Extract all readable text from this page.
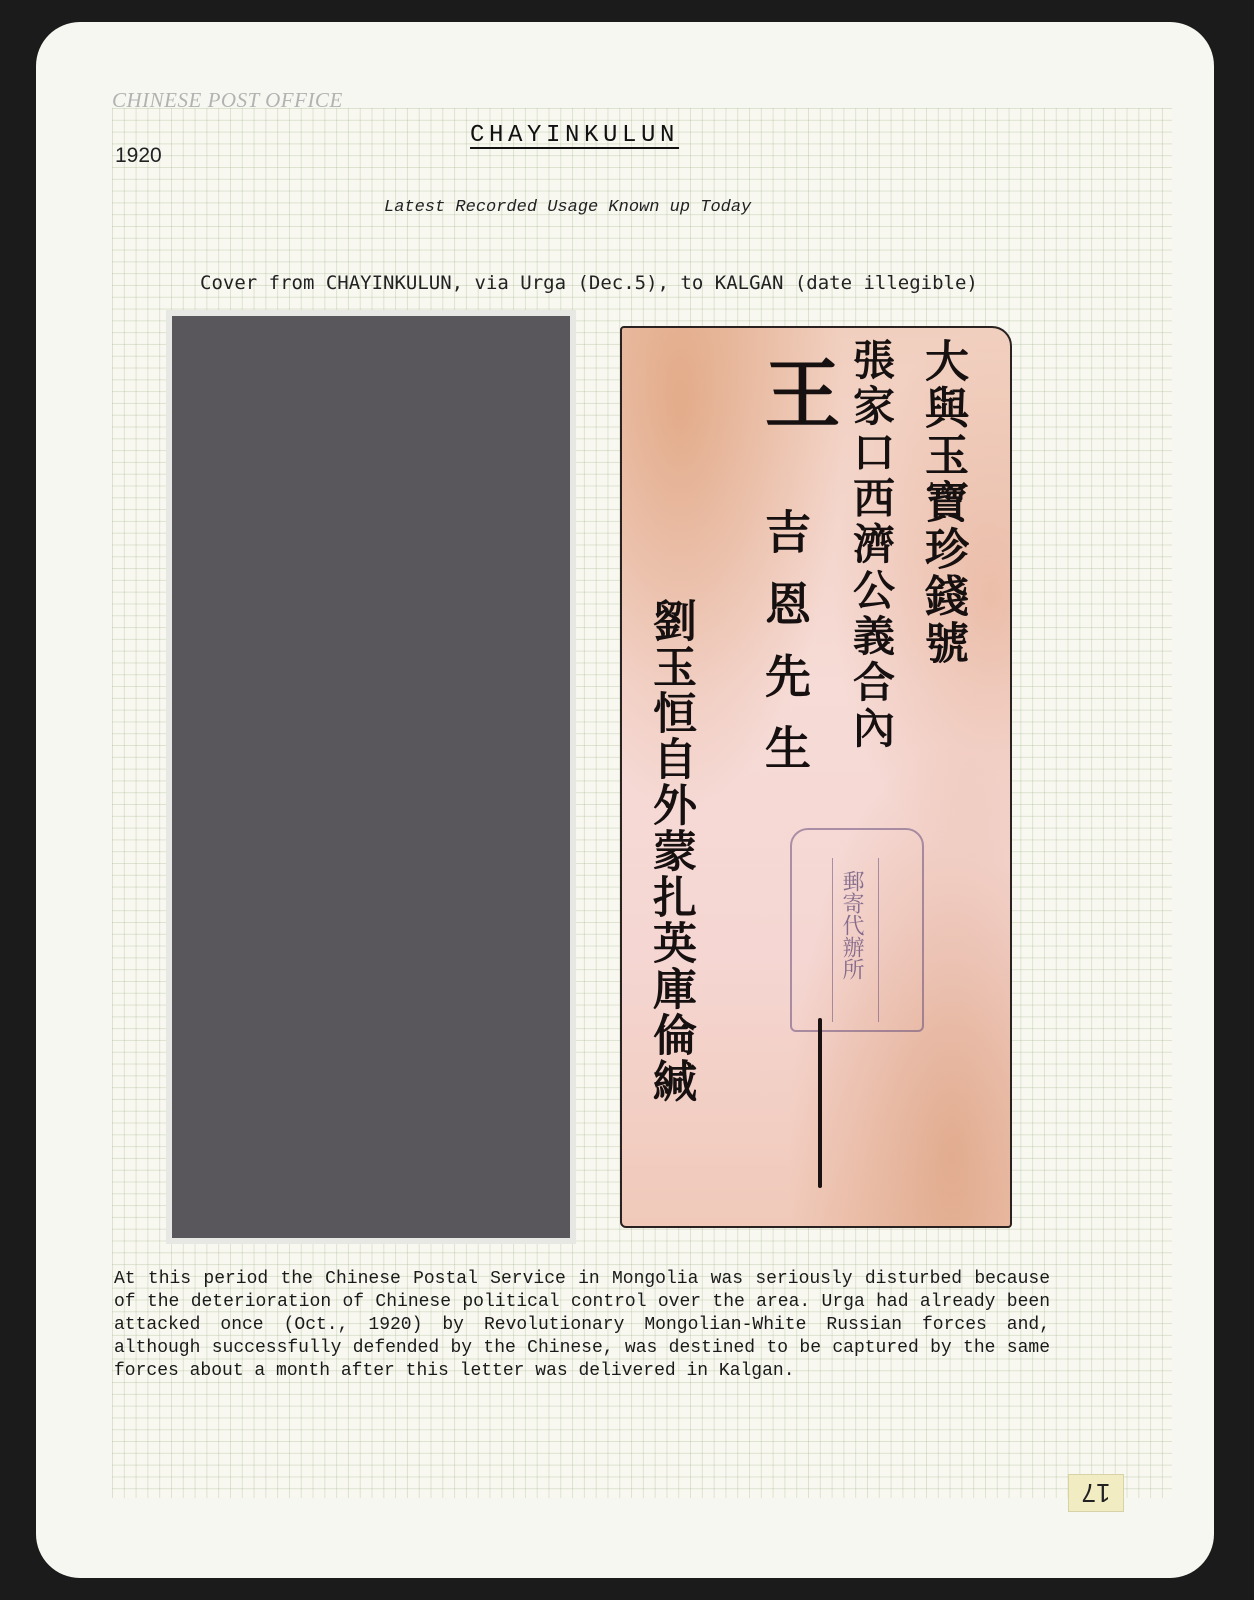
CHINESE POST OFFICE
1920
CHAYINKULUN
Latest Recorded Usage Known up Today
Cover from CHAYINKULUN, via Urga (Dec.5), to KALGAN (date illegible)
大與玉寶珍錢號
張家口西濟公義合內
王
吉恩先生
劉玉恒自外蒙扎英庫倫緘	郵寄代辦所
At this period the Chinese Postal Service in Mongolia was seriously disturbed because of the deterioration of Chinese political control over the area. Urga had already been attacked once (Oct., 1920) by Revolutionary Mongolian-White Russian forces and, although successfully defended by the Chinese, was destined to be captured by the same forces about a month after this letter was delivered in Kalgan.
17
